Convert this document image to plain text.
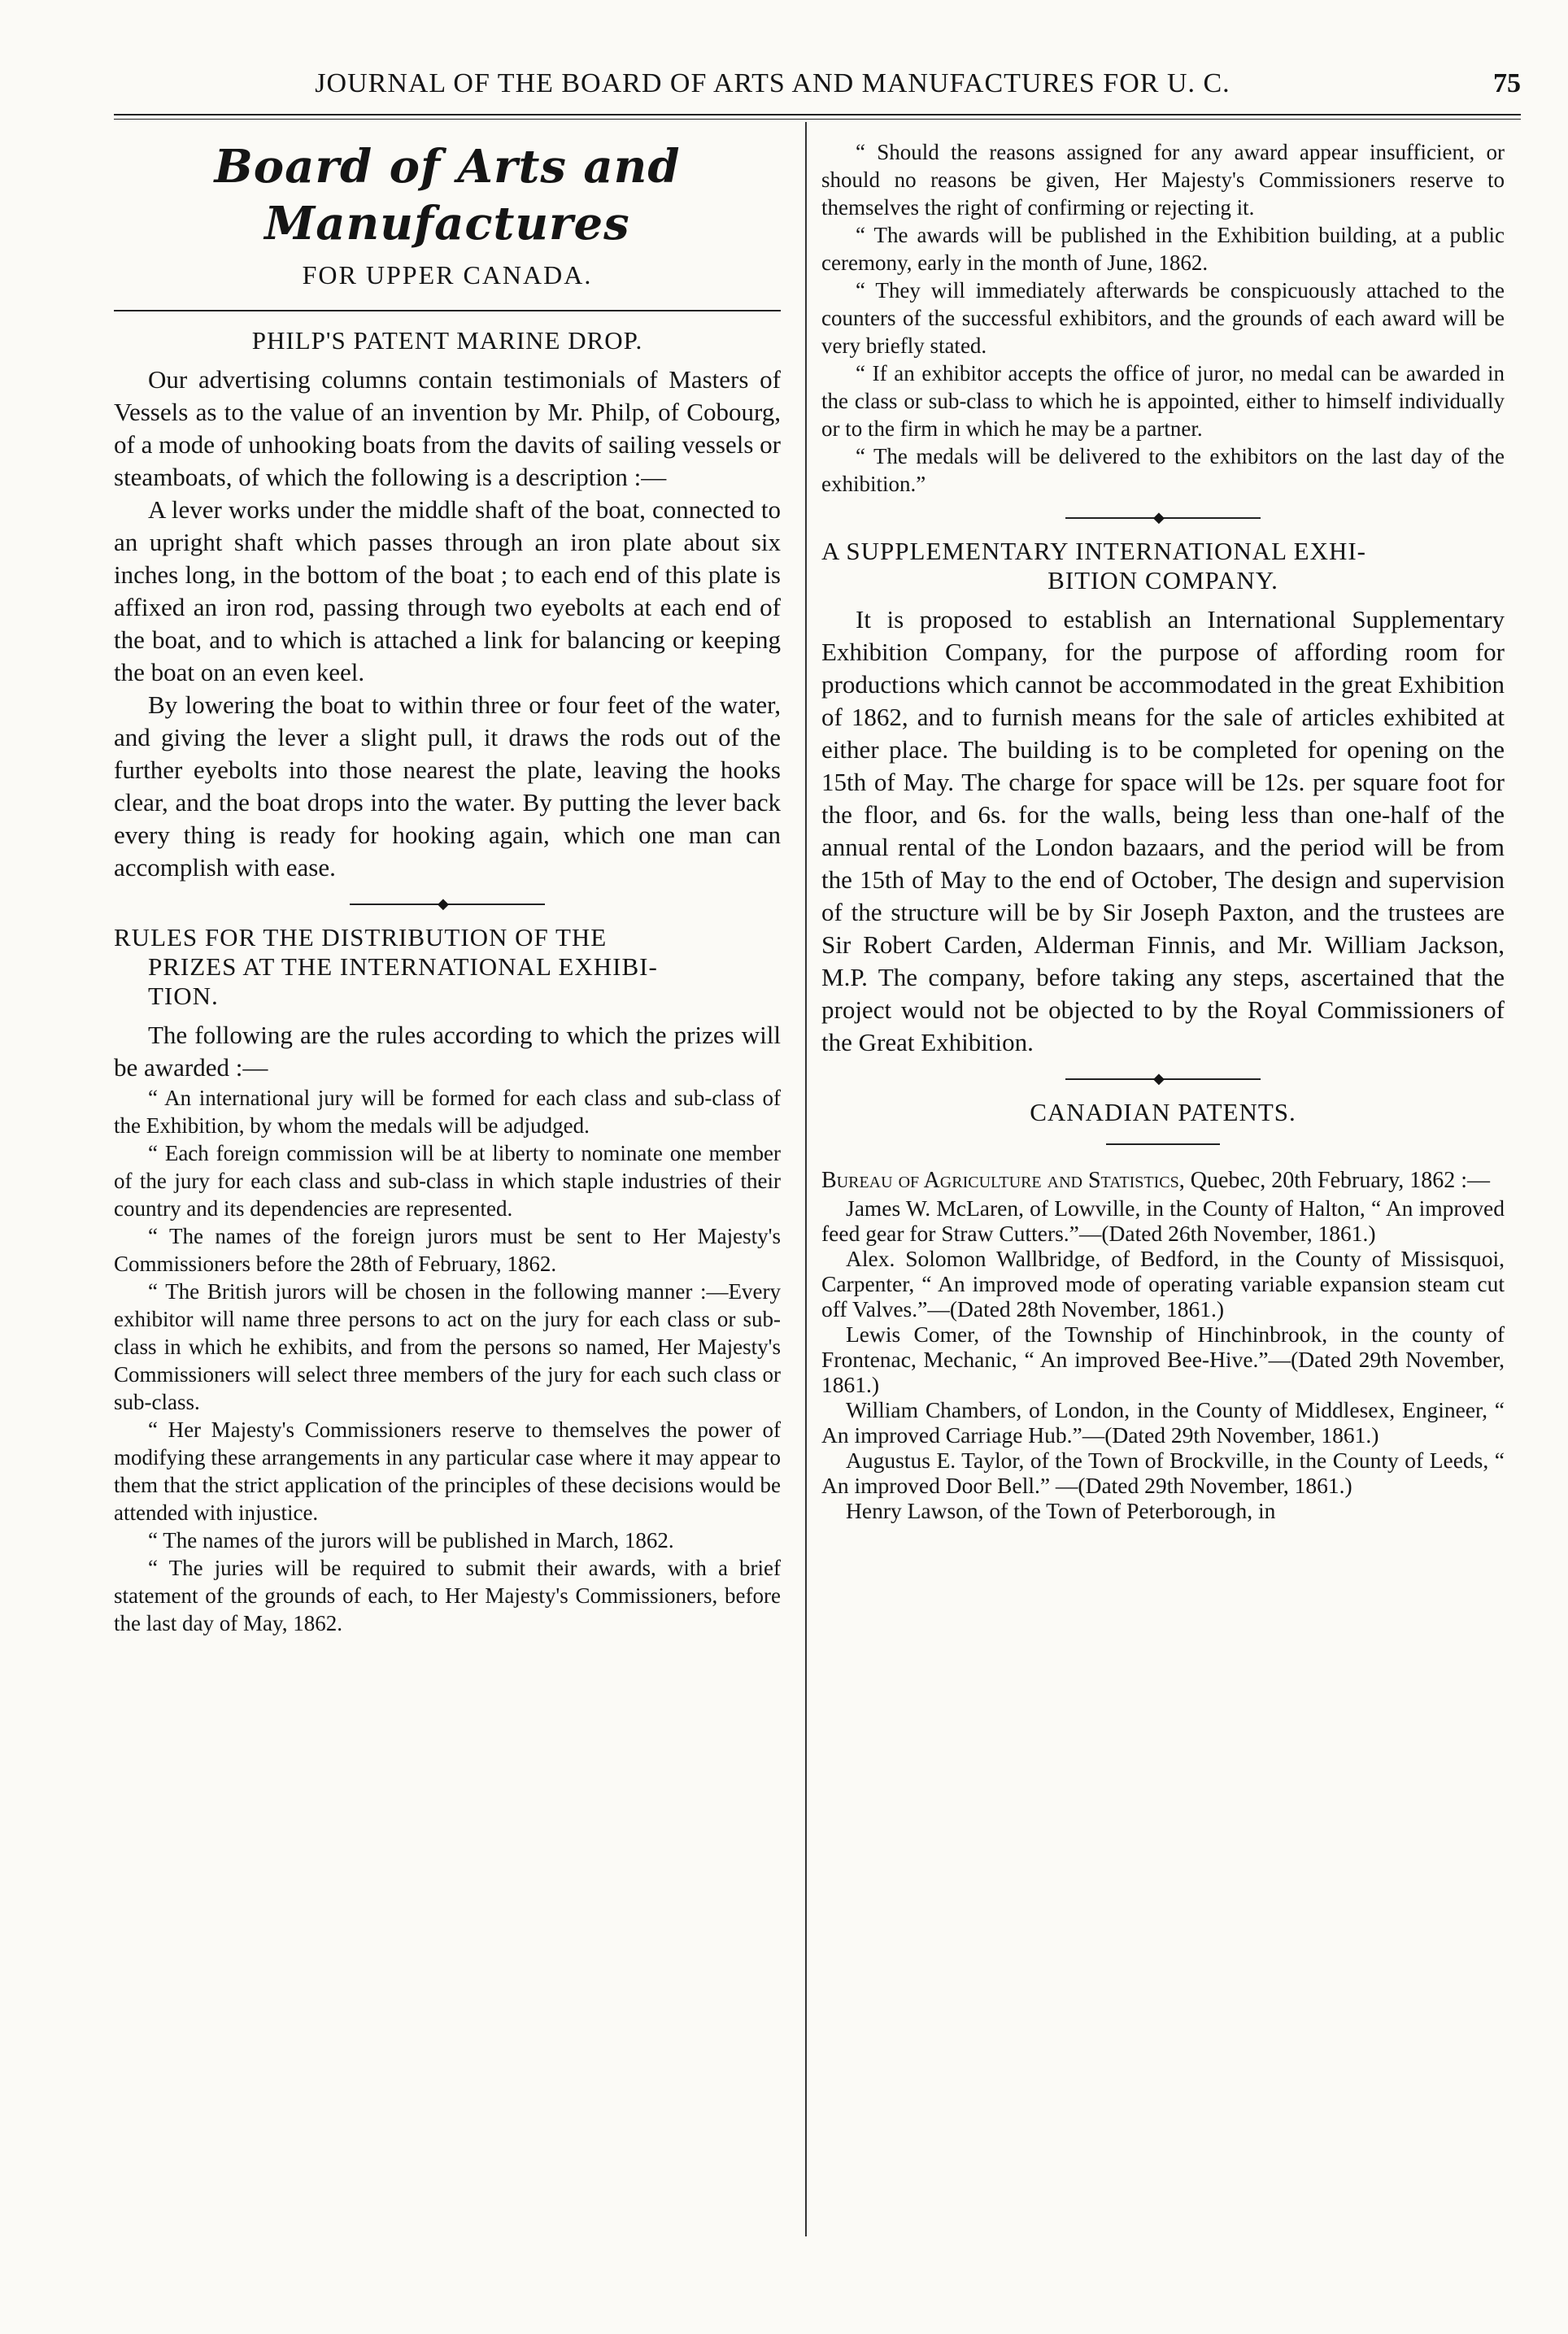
JOURNAL OF THE BOARD OF ARTS AND MANUFACTURES FOR U. C.	75
Board of Arts and Manufactures
FOR UPPER CANADA.
PHILP'S PATENT MARINE DROP.

Our advertising columns contain testimonials of Masters of Vessels as to the value of an invention by Mr. Philp, of Cobourg, of a mode of unhooking boats from the davits of sailing vessels or steamboats, of which the following is a description :—

A lever works under the middle shaft of the boat, connected to an upright shaft which passes through an iron plate about six inches long, in the bottom of the boat ; to each end of this plate is affixed an iron rod, passing through two eyebolts at each end of the boat, and to which is attached a link for balancing or keeping the boat on an even keel.

By lowering the boat to within three or four feet of the water, and giving the lever a slight pull, it draws the rods out of the further eyebolts into those nearest the plate, leaving the hooks clear, and the boat drops into the water. By putting the lever back every thing is ready for hooking again, which one man can accomplish with ease.

◆
RULES FOR THE DISTRIBUTION OF THE
PRIZES AT THE INTERNATIONAL EXHIBI-
TION.

The following are the rules according to which the prizes will be awarded :—

“ An international jury will be formed for each class and sub-class of the Exhibition, by whom the medals will be adjudged.

“ Each foreign commission will be at liberty to nominate one member of the jury for each class and sub-class in which staple industries of their country and its dependencies are represented.

“ The names of the foreign jurors must be sent to Her Majesty's Commissioners before the 28th of February, 1862.

“ The British jurors will be chosen in the following manner :—Every exhibitor will name three persons to act on the jury for each class or sub-class in which he exhibits, and from the persons so named, Her Majesty's Commissioners will select three members of the jury for each such class or sub-class.

“ Her Majesty's Commissioners reserve to themselves the power of modifying these arrangements in any particular case where it may appear to them that the strict application of the principles of these decisions would be attended with injustice.

“ The names of the jurors will be published in March, 1862.

“ The juries will be required to submit their awards, with a brief statement of the grounds of each, to Her Majesty's Commissioners, before the last day of May, 1862.

“ Should the reasons assigned for any award appear insufficient, or should no reasons be given, Her Majesty's Commissioners reserve to themselves the right of confirming or rejecting it.

“ The awards will be published in the Exhibition building, at a public ceremony, early in the month of June, 1862.

“ They will immediately afterwards be conspicuously attached to the counters of the successful exhibitors, and the grounds of each award will be very briefly stated.

“ If an exhibitor accepts the office of juror, no medal can be awarded in the class or sub-class to which he is appointed, either to himself individually or to the firm in which he may be a partner.

“ The medals will be delivered to the exhibitors on the last day of the exhibition.”

◆
A SUPPLEMENTARY INTERNATIONAL EXHI-
BITION COMPANY.

It is proposed to establish an International Supplementary Exhibition Company, for the purpose of affording room for productions which cannot be accommodated in the great Exhibition of 1862, and to furnish means for the sale of articles exhibited at either place. The building is to be completed for opening on the 15th of May. The charge for space will be 12s. per square foot for the floor, and 6s. for the walls, being less than one-half of the annual rental of the London bazaars, and the period will be from the 15th of May to the end of October, The design and supervision of the structure will be by Sir Joseph Paxton, and the trustees are Sir Robert Carden, Alderman Finnis, and Mr. William Jackson, M.P. The company, before taking any steps, ascertained that the project would not be objected to by the Royal Commissioners of the Great Exhibition.

◆
CANADIAN PATENTS.

Bureau of Agriculture and Statistics, Quebec, 20th February, 1862 :—

James W. McLaren, of Lowville, in the County of Halton, “ An improved feed gear for Straw Cutters.”—(Dated 26th November, 1861.)

Alex. Solomon Wallbridge, of Bedford, in the County of Missisquoi, Carpenter, “ An improved mode of operating variable expansion steam cut off Valves.”—(Dated 28th November, 1861.)

Lewis Comer, of the Township of Hinchinbrook, in the county of Frontenac, Mechanic, “ An improved Bee-Hive.”—(Dated 29th November, 1861.)

William Chambers, of London, in the County of Middlesex, Engineer, “ An improved Carriage Hub.”—(Dated 29th November, 1861.)

Augustus E. Taylor, of the Town of Brockville, in the County of Leeds, “ An improved Door Bell.” —(Dated 29th November, 1861.)

Henry Lawson, of the Town of Peterborough, in
